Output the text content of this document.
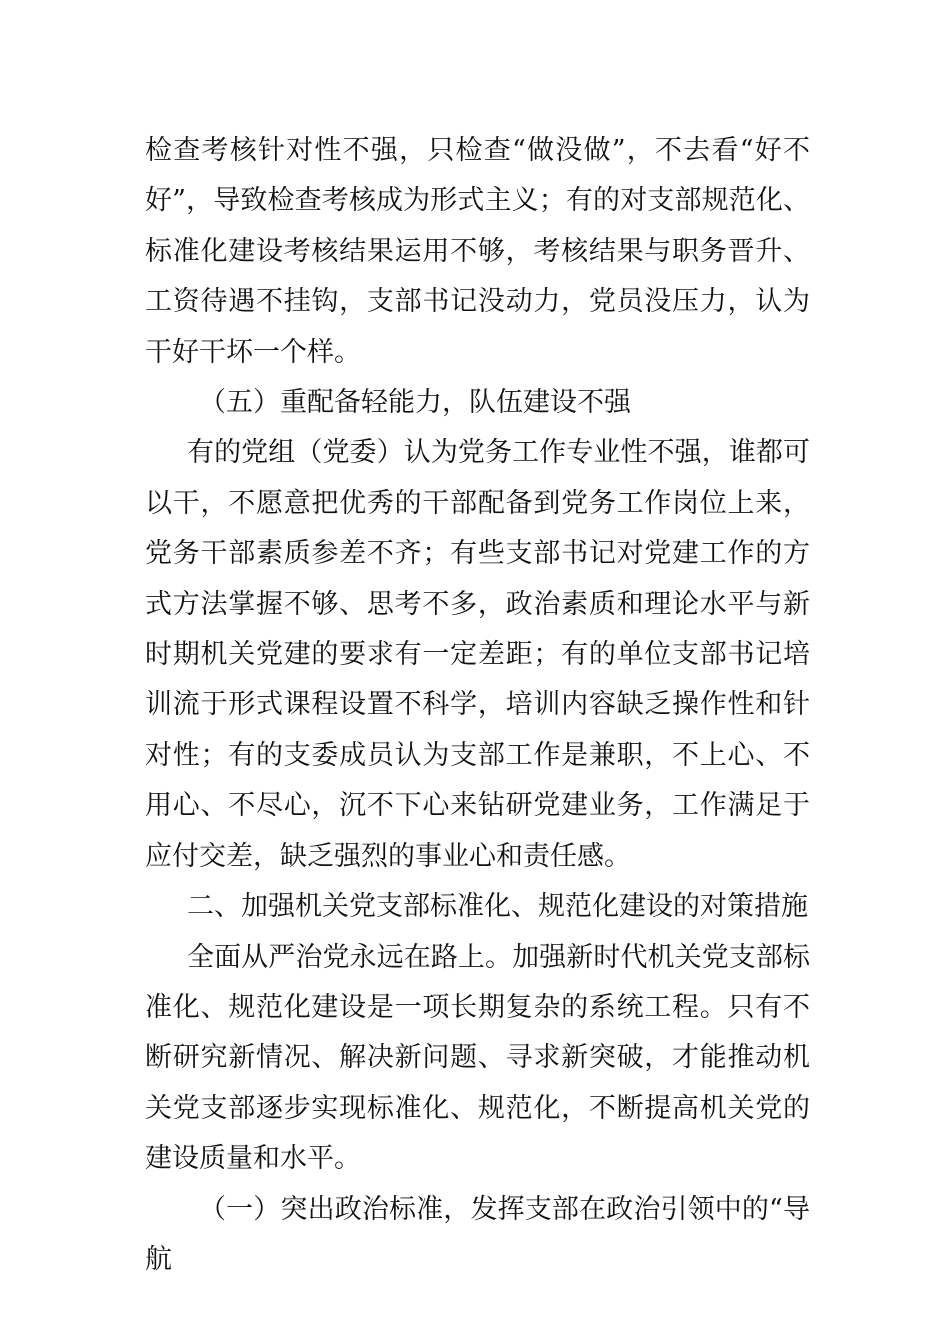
检查考核针对性不强，只检查“做没做”，不去看“好不好”，导致检查考核成为形式主义；有的对支部规范化、标准化建设考核结果运用不够，考核结果与职务晋升、工资待遇不挂钩，支部书记没动力，党员没压力，认为干好干坏一个样。

（五）重配备轻能力，队伍建设不强

有的党组（党委）认为党务工作专业性不强，谁都可以干，不愿意把优秀的干部配备到党务工作岗位上来，党务干部素质参差不齐；有些支部书记对党建工作的方式方法掌握不够、思考不多，政治素质和理论水平与新时期机关党建的要求有一定差距；有的单位支部书记培训流于形式课程设置不科学，培训内容缺乏操作性和针对性；有的支委成员认为支部工作是兼职，不上心、不用心、不尽心，沉不下心来钻研党建业务，工作满足于应付交差，缺乏强烈的事业心和责任感。

二、加强机关党支部标准化、规范化建设的对策措施

全面从严治党永远在路上。加强新时代机关党支部标准化、规范化建设是一项长期复杂的系统工程。只有不断研究新情况、解决新问题、寻求新突破，才能推动机关党支部逐步实现标准化、规范化，不断提高机关党的建设质量和水平。

（一）突出政治标准，发挥支部在政治引领中的“导航
